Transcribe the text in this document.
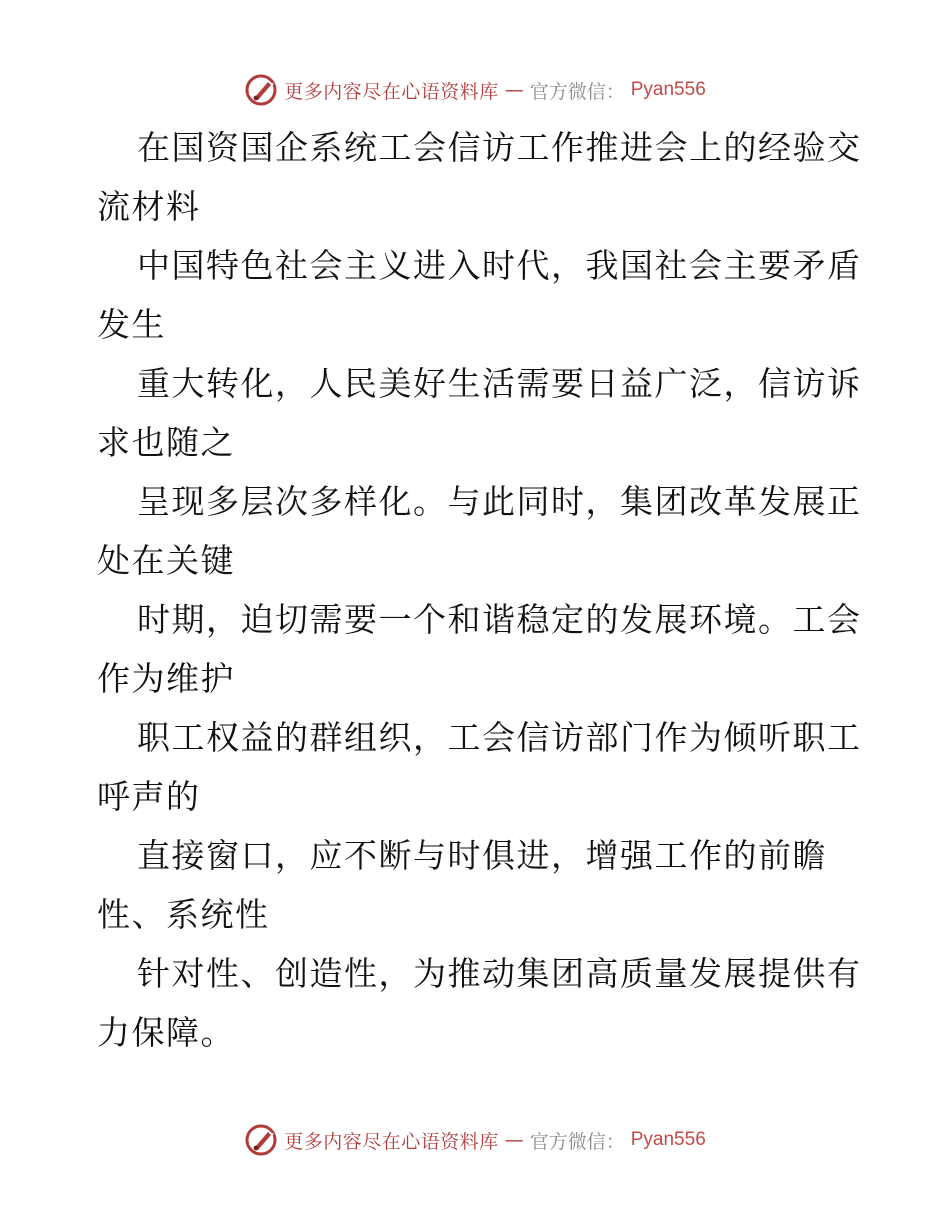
更多内容尽在心语资料库 — 官方微信： Pyan556

在国资国企系统工会信访工作推进会上的经验交
流材料

中国特色社会主义进入时代，我国社会主要矛盾
发生

重大转化，人民美好生活需要日益广泛，信访诉
求也随之

呈现多层次多样化。与此同时，集团改革发展正
处在关键

时期，迫切需要一个和谐稳定的发展环境。工会
作为维护

职工权益的群组织，工会信访部门作为倾听职工
呼声的

直接窗口，应不断与时俱进，增强工作的前瞻
性、系统性

针对性、创造性，为推动集团高质量发展提供有
力保障。

更多内容尽在心语资料库 — 官方微信： Pyan556
